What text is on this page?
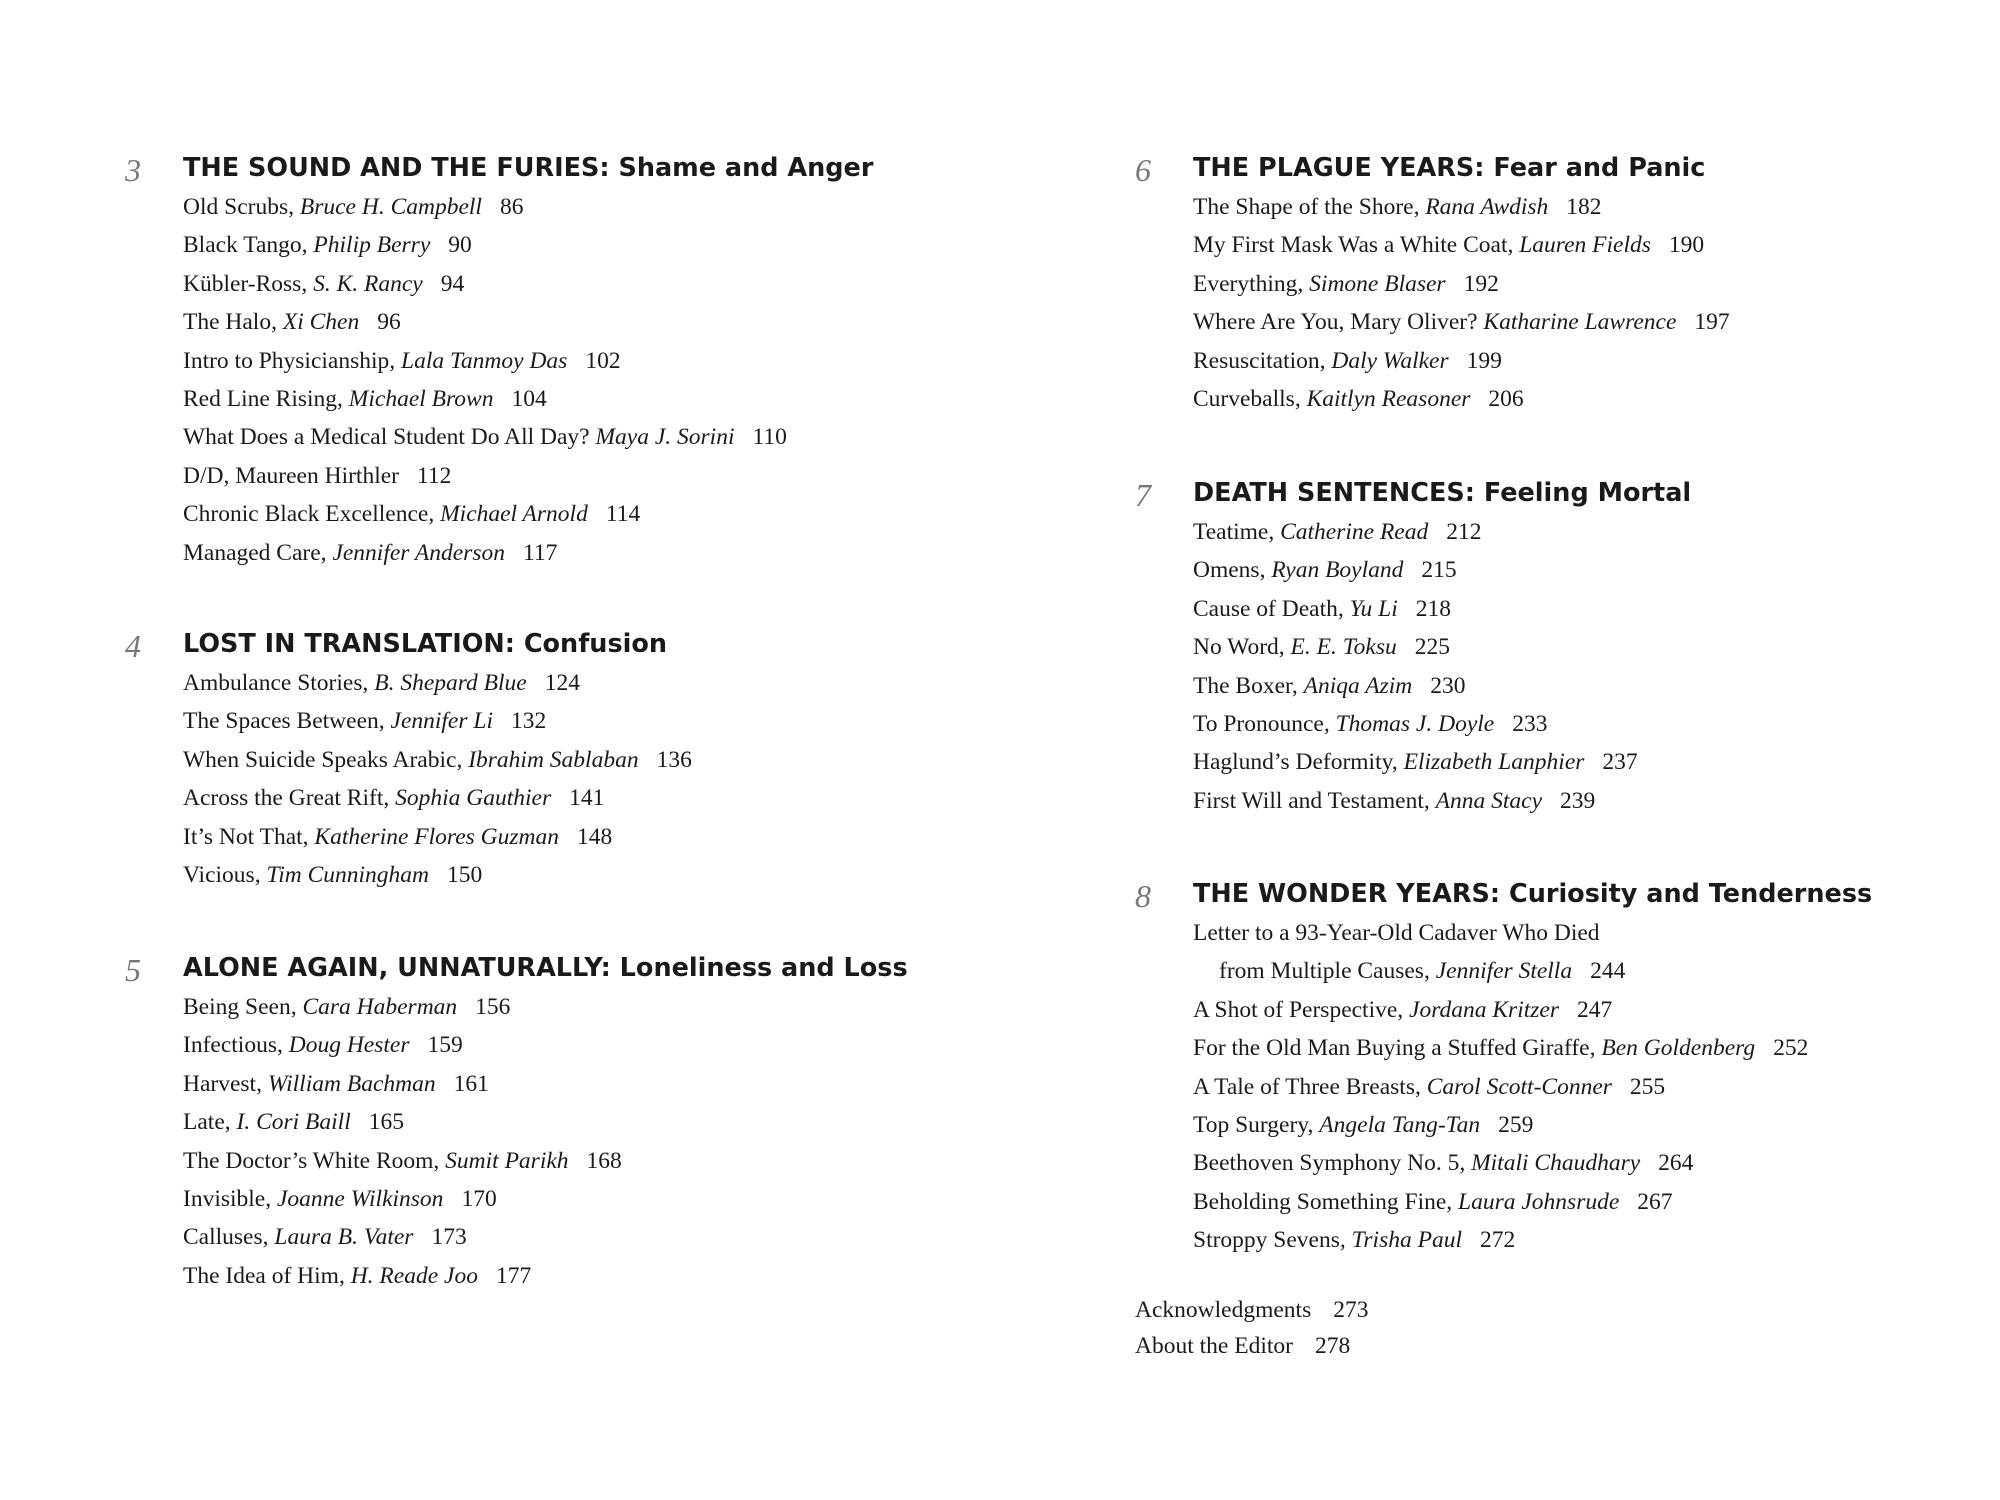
3	THE SOUND AND THE FURIES: Shame and Anger
Old Scrubs, Bruce H. Campbell 86
Black Tango, Philip Berry 90
Kübler-Ross, S. K. Rancy 94
The Halo, Xi Chen 96
Intro to Physicianship, Lala Tanmoy Das 102
Red Line Rising, Michael Brown 104
What Does a Medical Student Do All Day? Maya J. Sorini 110
D/D, Maureen Hirthler 112
Chronic Black Excellence, Michael Arnold 114
Managed Care, Jennifer Anderson 117
4	LOST IN TRANSLATION: Confusion
Ambulance Stories, B. Shepard Blue 124
The Spaces Between, Jennifer Li 132
When Suicide Speaks Arabic, Ibrahim Sablaban 136
Across the Great Rift, Sophia Gauthier 141
It’s Not That, Katherine Flores Guzman 148
Vicious, Tim Cunningham 150
5	ALONE AGAIN, UNNATURALLY: Loneliness and Loss
Being Seen, Cara Haberman 156
Infectious, Doug Hester 159
Harvest, William Bachman 161
Late, I. Cori Baill 165
The Doctor’s White Room, Sumit Parikh 168
Invisible, Joanne Wilkinson 170
Calluses, Laura B. Vater 173
The Idea of Him, H. Reade Joo 177
6	THE PLAGUE YEARS: Fear and Panic
The Shape of the Shore, Rana Awdish 182
My First Mask Was a White Coat, Lauren Fields 190
Everything, Simone Blaser 192
Where Are You, Mary Oliver? Katharine Lawrence 197
Resuscitation, Daly Walker 199
Curveballs, Kaitlyn Reasoner 206
7	DEATH SENTENCES: Feeling Mortal
Teatime, Catherine Read 212
Omens, Ryan Boyland 215
Cause of Death, Yu Li 218
No Word, E. E. Toksu 225
The Boxer, Aniqa Azim 230
To Pronounce, Thomas J. Doyle 233
Haglund’s Deformity, Elizabeth Lanphier 237
First Will and Testament, Anna Stacy 239
8	THE WONDER YEARS: Curiosity and Tenderness
Letter to a 93-Year-Old Cadaver Who Died
from Multiple Causes, Jennifer Stella 244
A Shot of Perspective, Jordana Kritzer 247
For the Old Man Buying a Stuffed Giraffe, Ben Goldenberg 252
A Tale of Three Breasts, Carol Scott-Conner 255
Top Surgery, Angela Tang-Tan 259
Beethoven Symphony No. 5, Mitali Chaudhary 264
Beholding Something Fine, Laura Johnsrude 267
Stroppy Sevens, Trisha Paul 272
Acknowledgments 273
About the Editor 278
